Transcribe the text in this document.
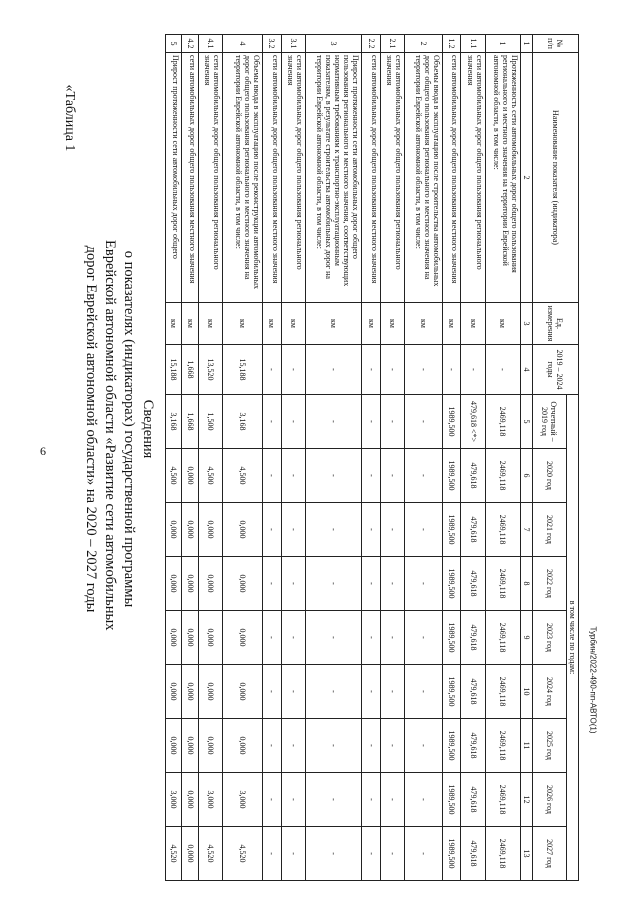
6
«Таблица 1
Сведения
о показателях (индикаторах) государственной программы
Еврейской автономной области «Развитие сети автомобильных
дорог Еврейской автономной области» на 2020 – 2027 годы
№ п/п	Наименование показателя (индикатора)	Ед. измерения	2019 – 2024 годы	в том числе по годам:								
				Отчетный – 2019 год	2020 год	2021 год	2022 год	2023 год	2024 год	2025 год	2026 год	2027 год
1	2	3	4	5	6	7	8	9	10	11	12	13
1	Протяженность сети автомобильных дорог общего пользования регионального и местного значения на территории Еврейской автономной области, в том числе:	км	-	2469,118	2469,118	2469,118	2469,118	2469,118	2469,118	2469,118	2469,118	2469,118
1.1	сети автомобильных дорог общего пользования регионального значения	км	-	479,618 <*>	479,618	479,618	479,618	479,618	479,618	479,618	479,618	479,618
1.2	сети автомобильных дорог общего пользования местного значения	км	-	1989,500	1989,500	1989,500	1989,500	1989,500	1989,500	1989,500	1989,500	1989,500
2	Объемы ввода в эксплуатацию после строительства автомобильных дорог общего пользования регионального и местного значения на территории Еврейской автономной области, в том числе:	км	-	-	-	-	-	-	-	-	-	-
2.1	сети автомобильных дорог общего пользования регионального значения	км	-	-	-	-	-	-	-	-	-	-
2.2	сети автомобильных дорог общего пользования местного значения	км	-	-	-	-	-	-	-	-	-	-
3	Прирост протяженности сети автомобильных дорог общего пользования регионального и местного значения, соответствующих нормативным требованиям к транспортно-эксплуатационным показателям, в результате строительства автомобильных дорог на территории Еврейской автономной области, в том числе:	км	-	-	-	-	-	-	-	-	-	-
3.1	сети автомобильных дорог общего пользования регионального значения	км	-	-	-	-	-	-	-	-	-	-
3.2	сети автомобильных дорог общего пользования местного значения	км	-	-	-	-	-	-	-	-	-	-
4	Объемы ввода в эксплуатацию после реконструкции автомобильных дорог общего пользования регионального и местного значения на территории Еврейской автономной области, в том числе:	км	15,188	3,168	4,500	0,000	0,000	0,000	0,000	0,000	3,000	4,520
4.1	сети автомобильных дорог общего пользования регионального значения	км	13,520	1,500	4,500	0,000	0,000	0,000	0,000	0,000	3,000	4,520
4.2	сети автомобильных дорог общего пользования местного значения	км	1,668	1,668	0,000	0,000	0,000	0,000	0,000	0,000	0,000	0,000
5	Прирост протяженности сети автомобильных дорог общего	км	15,188	3,168	4,500	0,000	0,000	0,000	0,000	0,000	3,000	4,520
Турбин/2022-490-пп-АВТО(1)
